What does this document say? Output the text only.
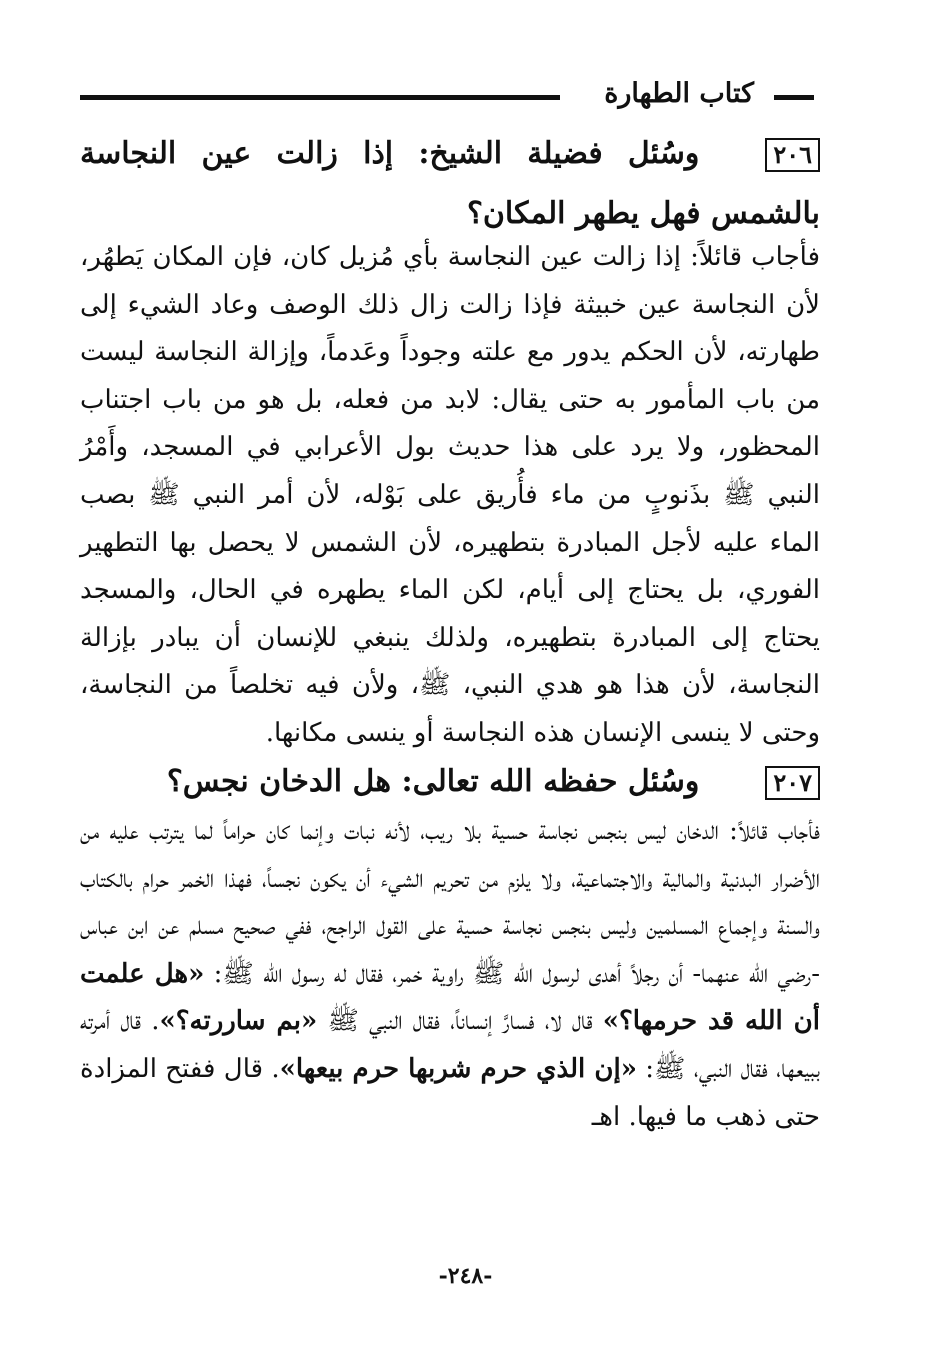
كتاب الطهارة
٢٠٦وسُئل فضيلة الشيخ: إذا زالت عين النجاسة بالشمس فهل يطهر المكان؟
فأجاب قائلاً: إذا زالت عين النجاسة بأي مُزيل كان، فإن المكان يَطهُر، لأن النجاسة عين خبيثة فإذا زالت زال ذلك الوصف وعاد الشيء إلى طهارته، لأن الحكم يدور مع علته وجوداً وعَدماً، وإزالة النجاسة ليست من باب المأمور به حتى يقال: لابد من فعله، بل هو من باب اجتناب المحظور، ولا يرد على هذا حديث بول الأعرابي في المسجد، وأَمْرُ النبي ﷺ بذَنوبٍ من ماء فأُريق على بَوْله، لأن أمر النبي ﷺ بصب الماء عليه لأجل المبادرة بتطهيره، لأن الشمس لا يحصل بها التطهير الفوري، بل يحتاج إلى أيام، لكن الماء يطهره في الحال، والمسجد يحتاج إلى المبادرة بتطهيره، ولذلك ينبغي للإنسان أن يبادر بإزالة النجاسة، لأن هذا هو هدي النبي، ﷺ، ولأن فيه تخلصاً من النجاسة، وحتى لا ينسى الإنسان هذه النجاسة أو ينسى مكانها.
٢٠٧وسُئل حفظه الله تعالى: هل الدخان نجس؟
فأجاب قائلاً: الدخان ليس بنجس نجاسة حسية بلا ريب، لأنه نبات وإنما كان حراماً لما يترتب عليه من الأضرار البدنية والمالية والاجتماعية، ولا يلزم من تحريم الشيء أن يكون نجساً، فهذا الخمر حرام بالكتاب والسنة وإجماع المسلمين وليس بنجس نجاسة حسية على القول الراجح، ففي صحيح مسلم عن ابن عباس -رضي الله عنهما- أن رجلاً أهدى لرسول الله ﷺ راوية خمر، فقال له رسول الله ﷺ: «هل علمت أن الله قد حرمها؟» قال لا، فسارَّ إنساناً، فقال النبي ﷺ «بم ساررته؟». قال أمرته ببيعها، فقال النبي، ﷺ: «إن الذي حرم شربها حرم بيعها». قال ففتح المزادة حتى ذهب ما فيها. اهـ
-٢٤٨-
